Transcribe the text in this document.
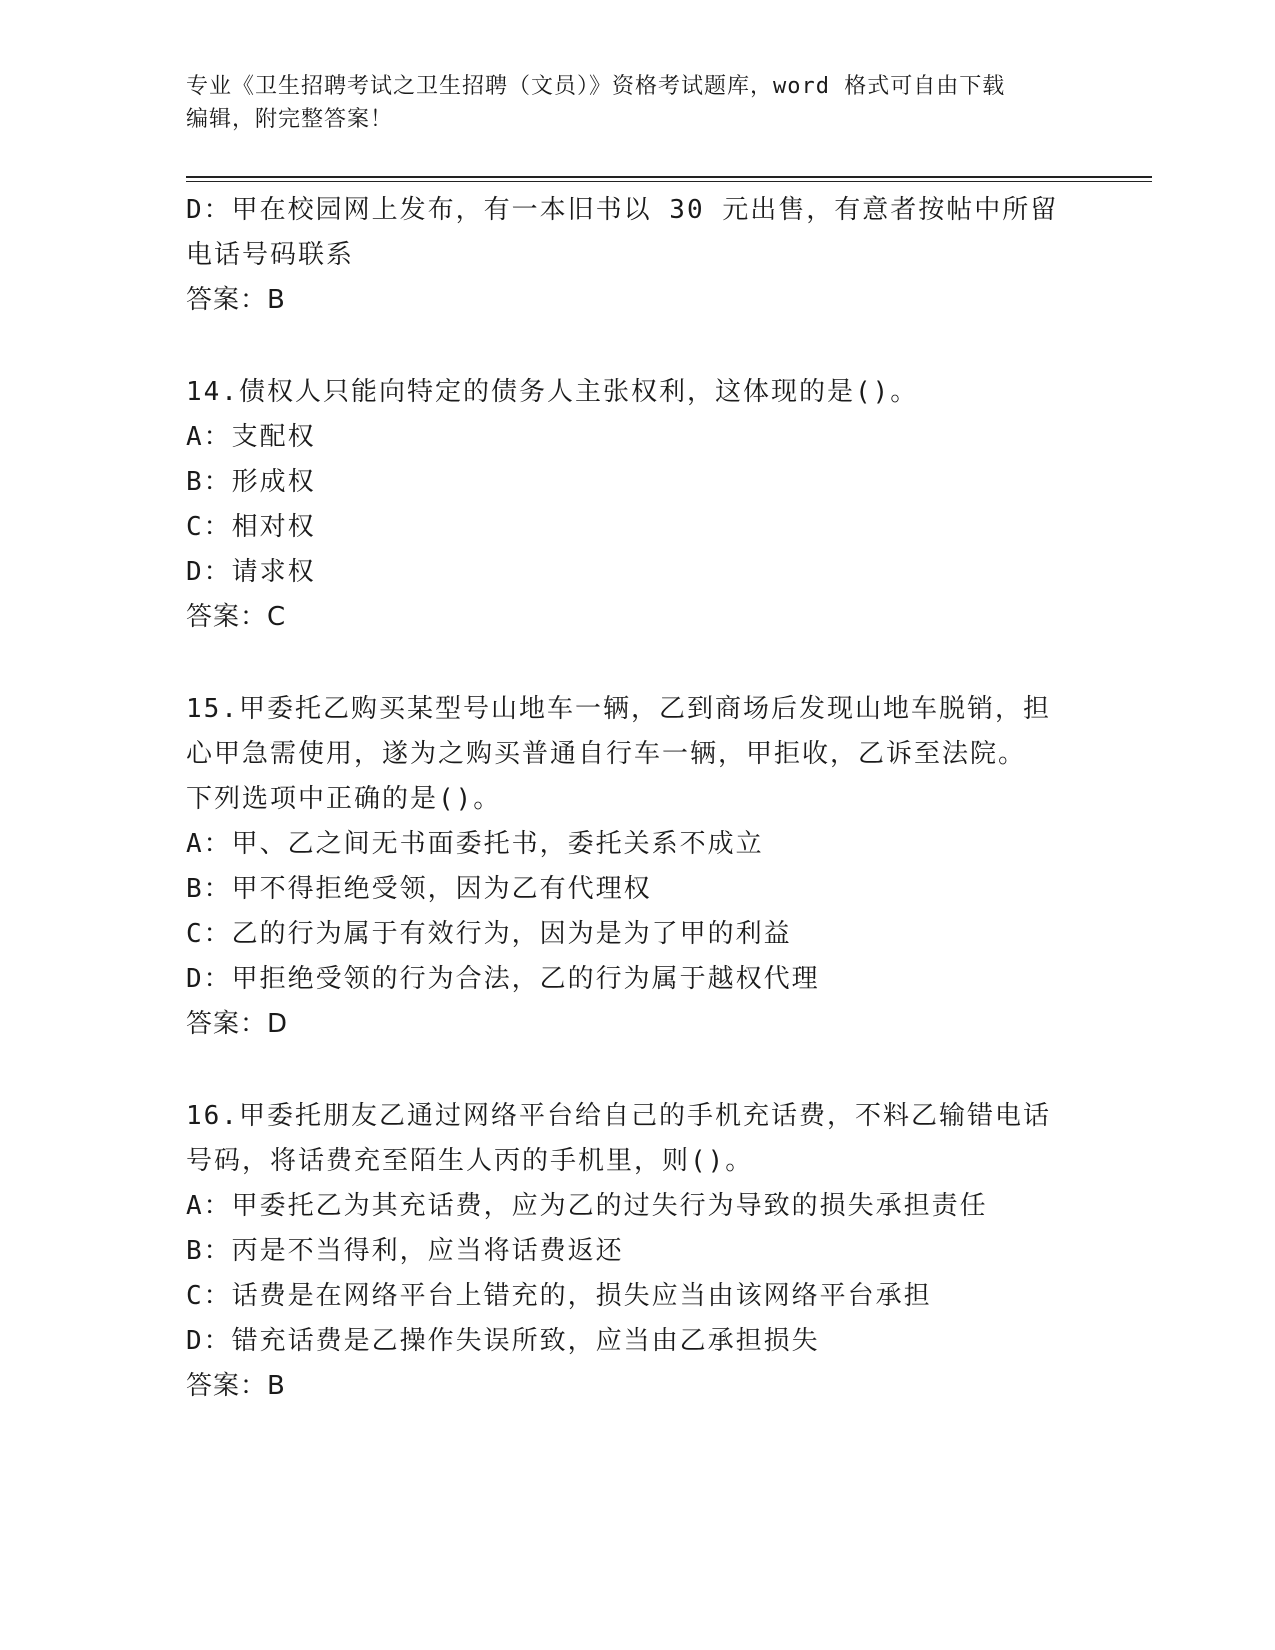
专业《卫生招聘考试之卫生招聘（文员）》资格考试题库，word 格式可自由下载
编辑，附完整答案！
D：甲在校园网上发布，有一本旧书以 30 元出售，有意者按帖中所留
电话号码联系
答案：B
14.债权人只能向特定的债务人主张权利，这体现的是()。
A：支配权
B：形成权
C：相对权
D：请求权
答案：C
15.甲委托乙购买某型号山地车一辆，乙到商场后发现山地车脱销，担
心甲急需使用，遂为之购买普通自行车一辆，甲拒收，乙诉至法院。
下列选项中正确的是()。
A：甲、乙之间无书面委托书，委托关系不成立
B：甲不得拒绝受领，因为乙有代理权
C：乙的行为属于有效行为，因为是为了甲的利益
D：甲拒绝受领的行为合法，乙的行为属于越权代理
答案：D
16.甲委托朋友乙通过网络平台给自己的手机充话费，不料乙输错电话
号码，将话费充至陌生人丙的手机里，则()。
A：甲委托乙为其充话费，应为乙的过失行为导致的损失承担责任
B：丙是不当得利，应当将话费返还
C：话费是在网络平台上错充的，损失应当由该网络平台承担
D：错充话费是乙操作失误所致，应当由乙承担损失
答案：B
